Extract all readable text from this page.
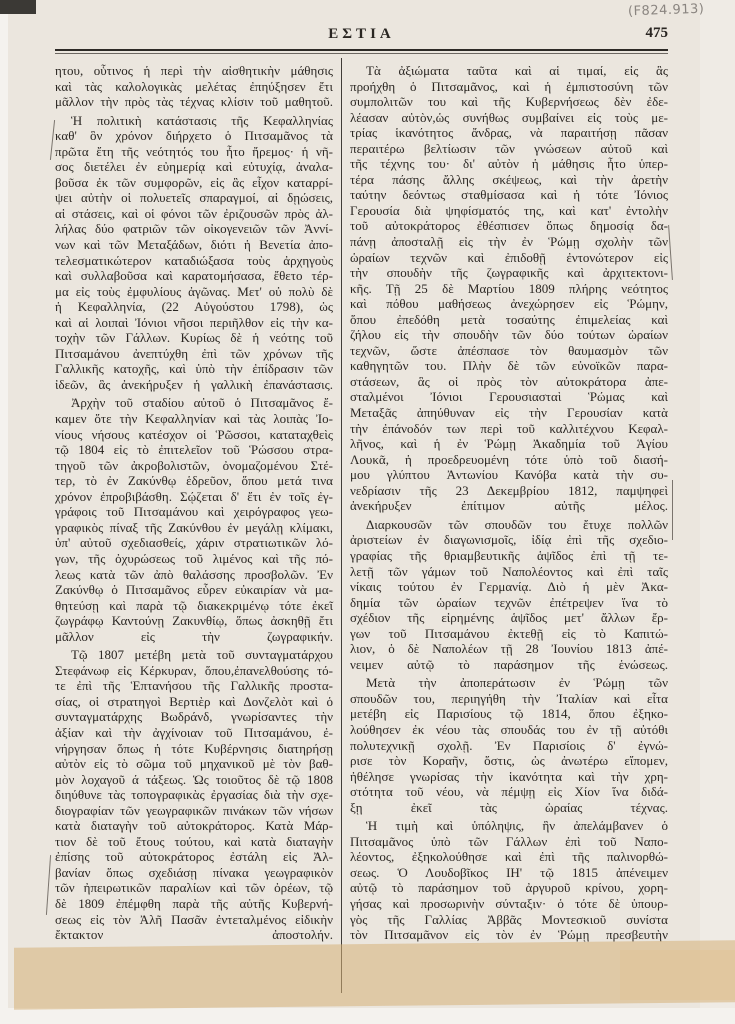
(F824.913)
ΕΣΤΙΑ	475
ητου, οὗτινος ἡ περὶ τὴν αἰσθητικὴν μάθησις
καὶ τὰς καλολογικὰς μελέτας ἐπηύξησεν ἔτι
μᾶλλον τὴν πρὸς τὰς τέχνας κλίσιν τοῦ μαθητοῦ.
Ἡ πολιτικὴ κατάστασις τῆς Κεφαλληνίας
καθ' ὃν χρόνον διήρχετο ὁ Πιτσαμᾶνος τὰ
πρῶτα ἔτη τῆς νεότητός του ἦτο ἤρεμος· ἡ νῆ-
σος διετέλει ἐν εὐημερίᾳ καὶ εὐτυχίᾳ, ἀναλα-
βοῦσα ἐκ τῶν συμφορῶν, εἰς ἃς εἶχον καταρρί-
ψει αὐτὴν οἱ πολυετεῖς σπαραγμοί, αἱ δῃώσεις,
αἱ στάσεις, καὶ οἱ φόνοι τῶν ἐριζουσῶν πρὸς ἀλ-
λήλας δύο φατριῶν τῶν οἰκογενειῶν τῶν Ἀννί-
νων καὶ τῶν Μεταξάδων, διότι ἡ Βενετία ἀπο-
τελεσματικώτερον καταδιώξασα τοὺς ἀρχηγοὺς
καὶ συλλαβοῦσα καὶ καρατομήσασα, ἔθετο τέρ-
μα εἰς τοὺς ἐμφυλίους ἀγῶνας. Μετ' οὐ πολὺ δὲ
ἡ Κεφαλληνία, (22 Αὐγούστου 1798), ὡς
καὶ αἱ λοιπαὶ Ἰόνιοι νῆσοι περιῆλθον εἰς τὴν κα-
τοχὴν τῶν Γάλλων. Κυρίως δὲ ἡ νεότης τοῦ
Πιτσαμάνου ἀνεπτύχθη ἐπὶ τῶν χρόνων τῆς
Γαλλικῆς κατοχῆς, καὶ ὑπὸ τὴν ἐπίδρασιν τῶν
ἰδεῶν, ἃς ἀνεκήρυξεν ἡ γαλλικὴ ἐπανάστασις.
Ἀρχὴν τοῦ σταδίου αὐτοῦ ὁ Πιτσαμᾶνος ἔ-
καμεν ὅτε τὴν Κεφαλληνίαν καὶ τὰς λοιπὰς Ἰο-
νίους νήσους κατέσχον οἱ Ῥῶσσοι, καταταχθεὶς
τῷ 1804 εἰς τὸ ἐπιτελεῖον τοῦ Ῥώσσου στρα-
τηγοῦ τῶν ἀκροβολιστῶν, ὀνομαζομένου Στέ-
τερ, τὸ ἐν Ζακύνθῳ ἑδρεῦον, ὅπου μετά τινα
χρόνον ἐπροβιβάσθη. Σῴζεται δ' ἔτι ἐν τοῖς ἐγ-
γράφοις τοῦ Πιτσαμάνου καὶ χειρόγραφος γεω-
γραφικὸς πίναξ τῆς Ζακύνθου ἐν μεγάλῃ κλίμακι,
ὑπ' αὐτοῦ σχεδιασθείς, χάριν στρατιωτικῶν λό-
γων, τῆς ὀχυρώσεως τοῦ λιμένος καὶ τῆς πό-
λεως κατὰ τῶν ἀπὸ θαλάσσης προσβολῶν. Ἐν
Ζακύνθῳ ὁ Πιτσαμᾶνος εὗρεν εὐκαιρίαν νὰ μα-
θητεύσῃ καὶ παρὰ τῷ διακεκριμένῳ τότε ἐκεῖ
ζωγράφῳ Καντούνῃ Ζακυνθίῳ, ὅπως ἀσκηθῇ ἔτι
μᾶλλον εἰς τὴν ζωγραφικήν.
Τῷ 1807 μετέβη μετὰ τοῦ συνταγματάρχου
Στεφάνωφ εἰς Κέρκυραν, ὅπου,ἐπανελθούσης τό-
τε ἐπὶ τῆς Ἑπτανήσου τῆς Γαλλικῆς προστα-
σίας, οἱ στρατηγοὶ Βερτιὲρ καὶ Δονζελὸτ καὶ ὁ
συνταγματάρχης Βωδράνδ, γνωρίσαντες τὴν
ἀξίαν καὶ τὴν ἀγχίνοιαν τοῦ Πιτσαμάνου, ἐ-
νήργησαν ὅπως ἡ τότε Κυβέρνησις διατηρήσῃ
αὐτὸν εἰς τὸ σῶμα τοῦ μηχανικοῦ μὲ τὸν βαθ-
μὸν λοχαγοῦ ά τάξεως. Ὡς τοιοῦτος δὲ τῷ 1808
διηύθυνε τὰς τοπογραφικὰς ἐργασίας διὰ τὴν σχε-
διογραφίαν τῶν γεωγραφικῶν πινάκων τῶν νήσων
κατὰ διαταγὴν τοῦ αὐτοκράτορος. Κατὰ Μάρ-
τιον δὲ τοῦ ἔτους τούτου, καὶ κατὰ διαταγὴν
ἐπίσης τοῦ αὐτοκράτορος ἐστάλη εἰς Ἀλ-
βανίαν ὅπως σχεδιάσῃ πίνακα γεωγραφικὸν
τῶν ἠπειρωτικῶν παραλίων καὶ τῶν ὀρέων, τῷ
δὲ 1809 ἐπέμφθη παρὰ τῆς αὐτῆς Κυβερνή-
σεως εἰς τὸν Ἀλῆ Πασᾶν ἐντεταλμένος εἰδικὴν
ἔκτακτον ἀποστολήν.
Τὰ ἀξιώματα ταῦτα καὶ αἱ τιμαί, εἰς ἃς
προήχθη ὁ Πιτσαμᾶνος, καὶ ἡ ἐμπιστοσύνη τῶν
συμπολιτῶν του καὶ τῆς Κυβερνήσεως δὲν ἐδε-
λέασαν αὐτὸν,ὡς συνήθως συμβαίνει εἰς τοὺς με-
τρίας ἱκανότητος ἄνδρας, νὰ παραιτήσῃ πᾶσαν
περαιτέρω βελτίωσιν τῶν γνώσεων αὐτοῦ καὶ
τῆς τέχνης του· δι' αὐτὸν ἡ μάθησις ἦτο ὑπερ-
τέρα πάσης ἄλλης σκέψεως, καὶ τὴν ἀρετὴν
ταύτην δεόντως σταθμίσασα καὶ ἡ τότε Ἰόνιος
Γερουσία διὰ ψηφίσματός της, καὶ κατ' ἐντολὴν
τοῦ αὐτοκράτορος ἐθέσπισεν ὅπως δημοσίᾳ δα-
πάνῃ ἀποσταλῇ εἰς τὴν ἐν Ῥώμῃ σχολὴν τῶν
ὡραίων τεχνῶν καὶ ἐπιδοθῇ ἐντονώτερον εἰς
τὴν σπουδὴν τῆς ζωγραφικῆς καὶ ἀρχιτεκτονι-
κῆς. Τῇ 25 δὲ Μαρτίου 1809 πλήρης νεότητος
καὶ πόθου μαθήσεως ἀνεχώρησεν εἰς Ῥώμην,
ὅπου ἐπεδόθη μετὰ τοσαύτης ἐπιμελείας καὶ
ζήλου εἰς τὴν σπουδὴν τῶν δύο τούτων ὡραίων
τεχνῶν, ὥστε ἀπέσπασε τὸν θαυμασμὸν τῶν
καθηγητῶν του. Πλὴν δὲ τῶν εὐνοϊκῶν παρα-
στάσεων, ἃς οἱ πρὸς τὸν αὐτοκράτορα ἀπε-
σταλμένοι Ἰόνιοι Γερουσιασταὶ Ῥώμας καὶ
Μεταξᾶς ἀπηύθυναν εἰς τὴν Γερουσίαν κατὰ
τὴν ἐπάνοδόν των περὶ τοῦ καλλιτέχνου Κεφαλ-
λῆνος, καὶ ἡ ἐν Ῥώμῃ Ἀκαδημία τοῦ Ἁγίου
Λουκᾶ, ἡ προεδρευομένη τότε ὑπὸ τοῦ διασή-
μου γλύπτου Ἀντωνίου Κανόβα κατὰ τὴν συ-
νεδρίασιν τῆς 23 Δεκεμβρίου 1812, παμψηφεὶ
ἀνεκήρυξεν ἐπίτιμον αὐτῆς μέλος.
Διαρκουσῶν τῶν σπουδῶν του ἔτυχε πολλῶν
ἀριστείων ἐν διαγωνισμοῖς, ἰδίᾳ ἐπὶ τῆς σχεδιο-
γραφίας τῆς θριαμβευτικῆς ἁψῖδος ἐπὶ τῇ τε-
λετῇ τῶν γάμων τοῦ Ναπολέοντος καὶ ἐπὶ ταῖς
νίκαις τούτου ἐν Γερμανίᾳ. Διὸ ἡ μὲν Ἀκα-
δημία τῶν ὡραίων τεχνῶν ἐπέτρεψεν ἵνα τὸ
σχέδιον τῆς εἰρημένης ἁψῖδος μετ' ἄλλων ἔρ-
γων τοῦ Πιτσαμάνου ἐκτεθῇ εἰς τὸ Καπιτώ-
λιον, ὁ δὲ Ναπολέων τῇ 28 Ἰουνίου 1813 ἀπέ-
νειμεν αὐτῷ τὸ παράσημον τῆς ἑνώσεως.
Μετὰ τὴν ἀποπεράτωσιν ἐν Ῥώμῃ τῶν
σπουδῶν του, περιηγήθη τὴν Ἰταλίαν καὶ εἶτα
μετέβη εἰς Παρισίους τῷ 1814, ὅπου ἐξηκο-
λούθησεν ἐκ νέου τὰς σπουδάς του ἐν τῇ αὐτόθι
πολυτεχνικῇ σχολῇ. Ἐν Παρισίοις δ' ἐγνώ-
ρισε τὸν Κοραῆν, ὅστις, ὡς ἀνωτέρω εἴπομεν,
ἠθέλησε γνωρίσας τὴν ἱκανότητα καὶ τὴν χρη-
στότητα τοῦ νέου, νὰ πέμψῃ εἰς Χίον ἵνα διδά-
ξῃ ἐκεῖ τὰς ὡραίας τέχνας.
Ἡ τιμὴ καὶ ὑπόληψις, ἣν ἀπελάμβανεν ὁ
Πιτσαμᾶνος ὑπὸ τῶν Γάλλων ἐπὶ τοῦ Ναπο-
λέοντος, ἐξηκολούθησε καὶ ἐπὶ τῆς παλινορθώ-
σεως. Ὁ Λουδοβῖκος ΙΗ' τῷ 1815 ἀπένειμεν
αὐτῷ τὸ παράσημον τοῦ ἀργυροῦ κρίνου, χορη-
γήσας καὶ προσωρινὴν σύνταξιν· ὁ τότε δὲ ὑπουρ-
γὸς τῆς Γαλλίας Ἀββᾶς Μοντεσκιοῦ συνίστα
τὸν Πιτσαμᾶνον εἰς τὸν ἐν Ῥώμῃ πρεσβευτὴν
